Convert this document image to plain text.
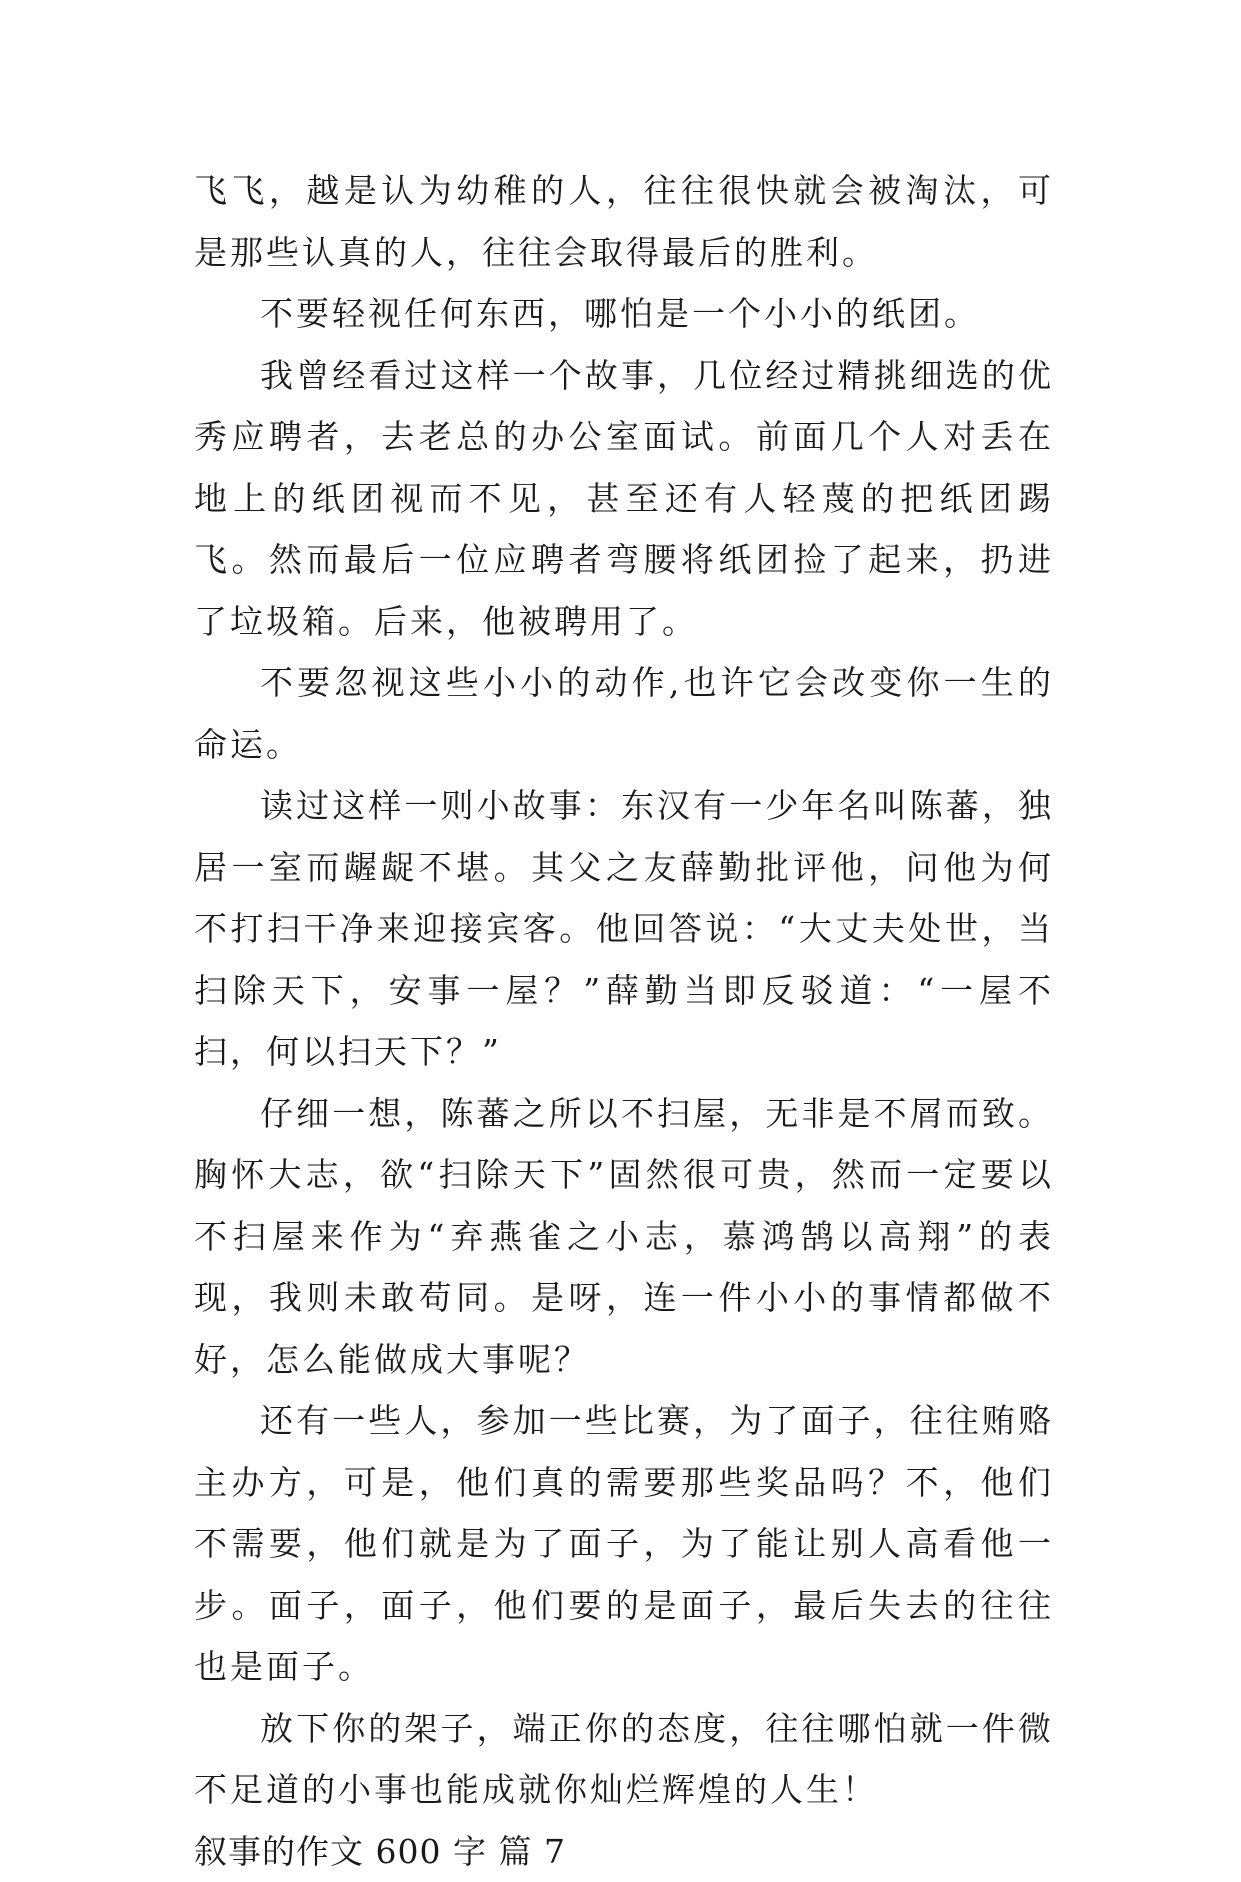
飞飞，越是认为幼稚的人，往往很快就会被淘汰，可是那些认真的人，往往会取得最后的胜利。

不要轻视任何东西，哪怕是一个小小的纸团。

我曾经看过这样一个故事，几位经过精挑细选的优秀应聘者，去老总的办公室面试。前面几个人对丢在地上的纸团视而不见，甚至还有人轻蔑的把纸团踢飞。然而最后一位应聘者弯腰将纸团捡了起来，扔进了垃圾箱。后来，他被聘用了。

不要忽视这些小小的动作,也许它会改变你一生的命运。

读过这样一则小故事：东汉有一少年名叫陈蕃，独居一室而龌龊不堪。其父之友薛勤批评他，问他为何不打扫干净来迎接宾客。他回答说：“大丈夫处世，当扫除天下，安事一屋？”薛勤当即反驳道：“一屋不扫，何以扫天下？”

仔细一想，陈蕃之所以不扫屋，无非是不屑而致。胸怀大志，欲“扫除天下”固然很可贵，然而一定要以不扫屋来作为“弃燕雀之小志，慕鸿鹄以高翔”的表现，我则未敢苟同。是呀，连一件小小的事情都做不好，怎么能做成大事呢？

还有一些人，参加一些比赛，为了面子，往往贿赂主办方，可是，他们真的需要那些奖品吗？不，他们不需要，他们就是为了面子，为了能让别人高看他一步。面子，面子，他们要的是面子，最后失去的往往也是面子。

放下你的架子，端正你的态度，往往哪怕就一件微不足道的小事也能成就你灿烂辉煌的人生！

叙事的作文 600 字 篇 7
